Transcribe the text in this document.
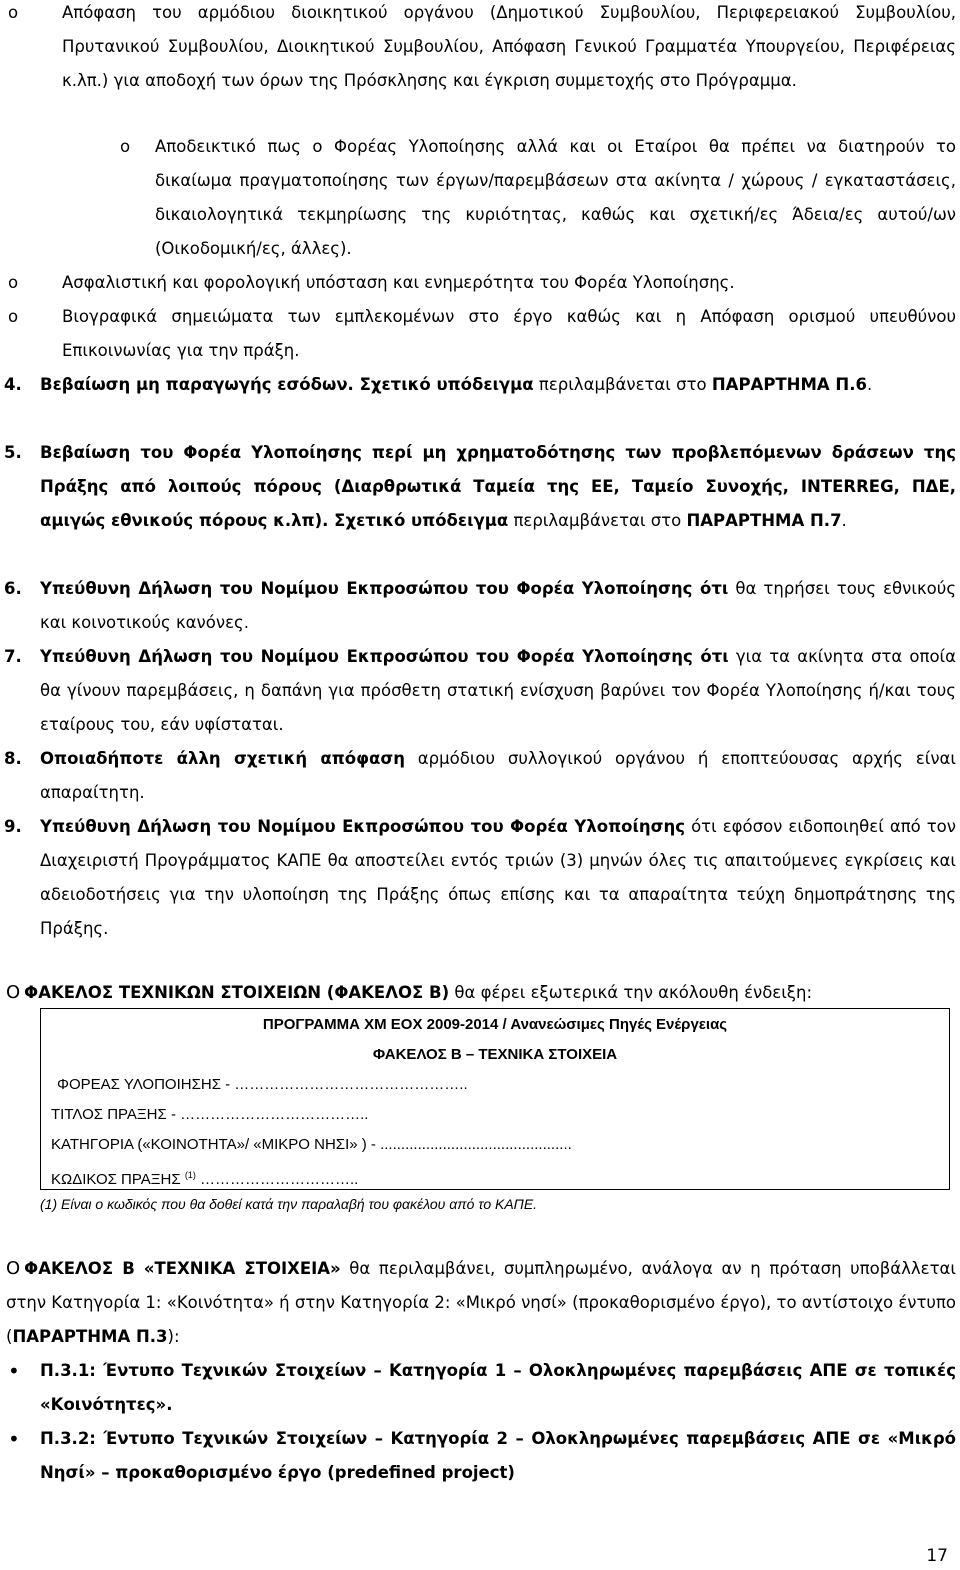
o	Απόφαση του αρμόδιου διοικητικού οργάνου (Δημοτικού Συμβουλίου, Περιφερειακού Συμβουλίου, Πρυτανικού Συμβουλίου, Διοικητικού Συμβουλίου, Απόφαση Γενικού Γραμματέα Υπουργείου, Περιφέρειας κ.λπ.) για αποδοχή των όρων της Πρόσκλησης και έγκριση συμμετοχής στο Πρόγραμμα.

o Αποδεικτικό πως ο Φορέας Υλοποίησης αλλά και οι Εταίροι θα πρέπει να διατηρούν το δικαίωμα πραγματοποίησης των έργων/παρεμβάσεων στα ακίνητα / χώρους / εγκαταστάσεις, δικαιολογητικά τεκμηρίωσης της κυριότητας, καθώς και σχετική/ες Άδεια/ες αυτού/ων (Οικοδομική/ες, άλλες).

o	Ασφαλιστική και φορολογική υπόσταση και ενημερότητα του Φορέα Υλοποίησης.

o	Βιογραφικά σημειώματα των εμπλεκομένων στο έργο καθώς και η Απόφαση ορισμού υπευθύνου Επικοινωνίας για την πράξη.

4. Βεβαίωση μη παραγωγής εσόδων. Σχετικό υπόδειγμα περιλαμβάνεται στο ΠΑΡΑΡΤΗΜΑ Π.6.

5. Βεβαίωση του Φορέα Υλοποίησης περί μη χρηματοδότησης των προβλεπόμενων δράσεων της Πράξης από λοιπούς πόρους (Διαρθρωτικά Ταμεία της ΕΕ, Ταμείο Συνοχής, INTERREG, ΠΔΕ, αμιγώς εθνικούς πόρους κ.λπ). Σχετικό υπόδειγμα περιλαμβάνεται στο ΠΑΡΑΡΤΗΜΑ Π.7.

6. Υπεύθυνη Δήλωση του Νομίμου Εκπροσώπου του Φορέα Υλοποίησης ότι θα τηρήσει τους εθνικούς και κοινοτικούς κανόνες.

7. Υπεύθυνη Δήλωση του Νομίμου Εκπροσώπου του Φορέα Υλοποίησης ότι για τα ακίνητα στα οποία θα γίνουν παρεμβάσεις, η δαπάνη για πρόσθετη στατική ενίσχυση βαρύνει τον Φορέα Υλοποίησης ή/και τους εταίρους του, εάν υφίσταται.

8. Οποιαδήποτε άλλη σχετική απόφαση αρμόδιου συλλογικού οργάνου ή εποπτεύουσας αρχής είναι απαραίτητη.

9. Υπεύθυνη Δήλωση του Νομίμου Εκπροσώπου του Φορέα Υλοποίησης ότι εφόσον ειδοποιηθεί από τον Διαχειριστή Προγράμματος ΚΑΠΕ θα αποστείλει εντός τριών (3) μηνών όλες τις απαιτούμενες εγκρίσεις και αδειοδοτήσεις για την υλοποίηση της Πράξης όπως επίσης και τα απαραίτητα τεύχη δημοπράτησης της Πράξης.

O ΦΑΚΕΛΟΣ ΤΕΧΝΙΚΩΝ ΣΤΟΙΧΕΙΩΝ (ΦΑΚΕΛΟΣ Β) θα φέρει εξωτερικά την ακόλουθη ένδειξη:

ΠΡΟΓΡΑΜΜΑ ΧΜ ΕΟΧ 2009-2014 / Ανανεώσιμες Πηγές Ενέργειας
ΦΑΚΕΛΟΣ Β – ΤΕΧΝΙΚΑ ΣΤΟΙΧΕΙΑ
ΦΟΡΕΑΣ ΥΛΟΠΟΙΗΣΗΣ - ………………………………………..
ΤΙΤΛΟΣ ΠΡΑΞΗΣ - ………………………………..
ΚΑΤΗΓΟΡΙΑ («ΚΟΙΝΟΤΗΤΑ»/ «ΜΙΚΡΟ ΝΗΣΙ» ) - ..............................................
ΚΩΔΙΚΟΣ ΠΡΑΞΗΣ $^{(1)}$ …………………………..
(1) Είναι ο κωδικός που θα δοθεί κατά την παραλαβή του φακέλου από το ΚΑΠΕ.

O ΦΑΚΕΛΟΣ Β «ΤΕΧΝΙΚΑ ΣΤΟΙΧΕΙΑ» θα περιλαμβάνει, συμπληρωμένο, ανάλογα αν η πρόταση υποβάλλεται στην Κατηγορία 1: «Κοινότητα» ή στην Κατηγορία 2: «Μικρό νησί» (προκαθορισμένο έργο), το αντίστοιχο έντυπο (ΠΑΡΑΡΤΗΜΑ Π.3):

• Π.3.1: Έντυπο Τεχνικών Στοιχείων – Κατηγορία 1 – Ολοκληρωμένες παρεμβάσεις ΑΠΕ σε τοπικές «Κοινότητες».

• Π.3.2: Έντυπο Τεχνικών Στοιχείων – Κατηγορία 2 – Ολοκληρωμένες παρεμβάσεις ΑΠΕ σε «Μικρό Νησί» – προκαθορισμένο έργο (predefined project)

17
